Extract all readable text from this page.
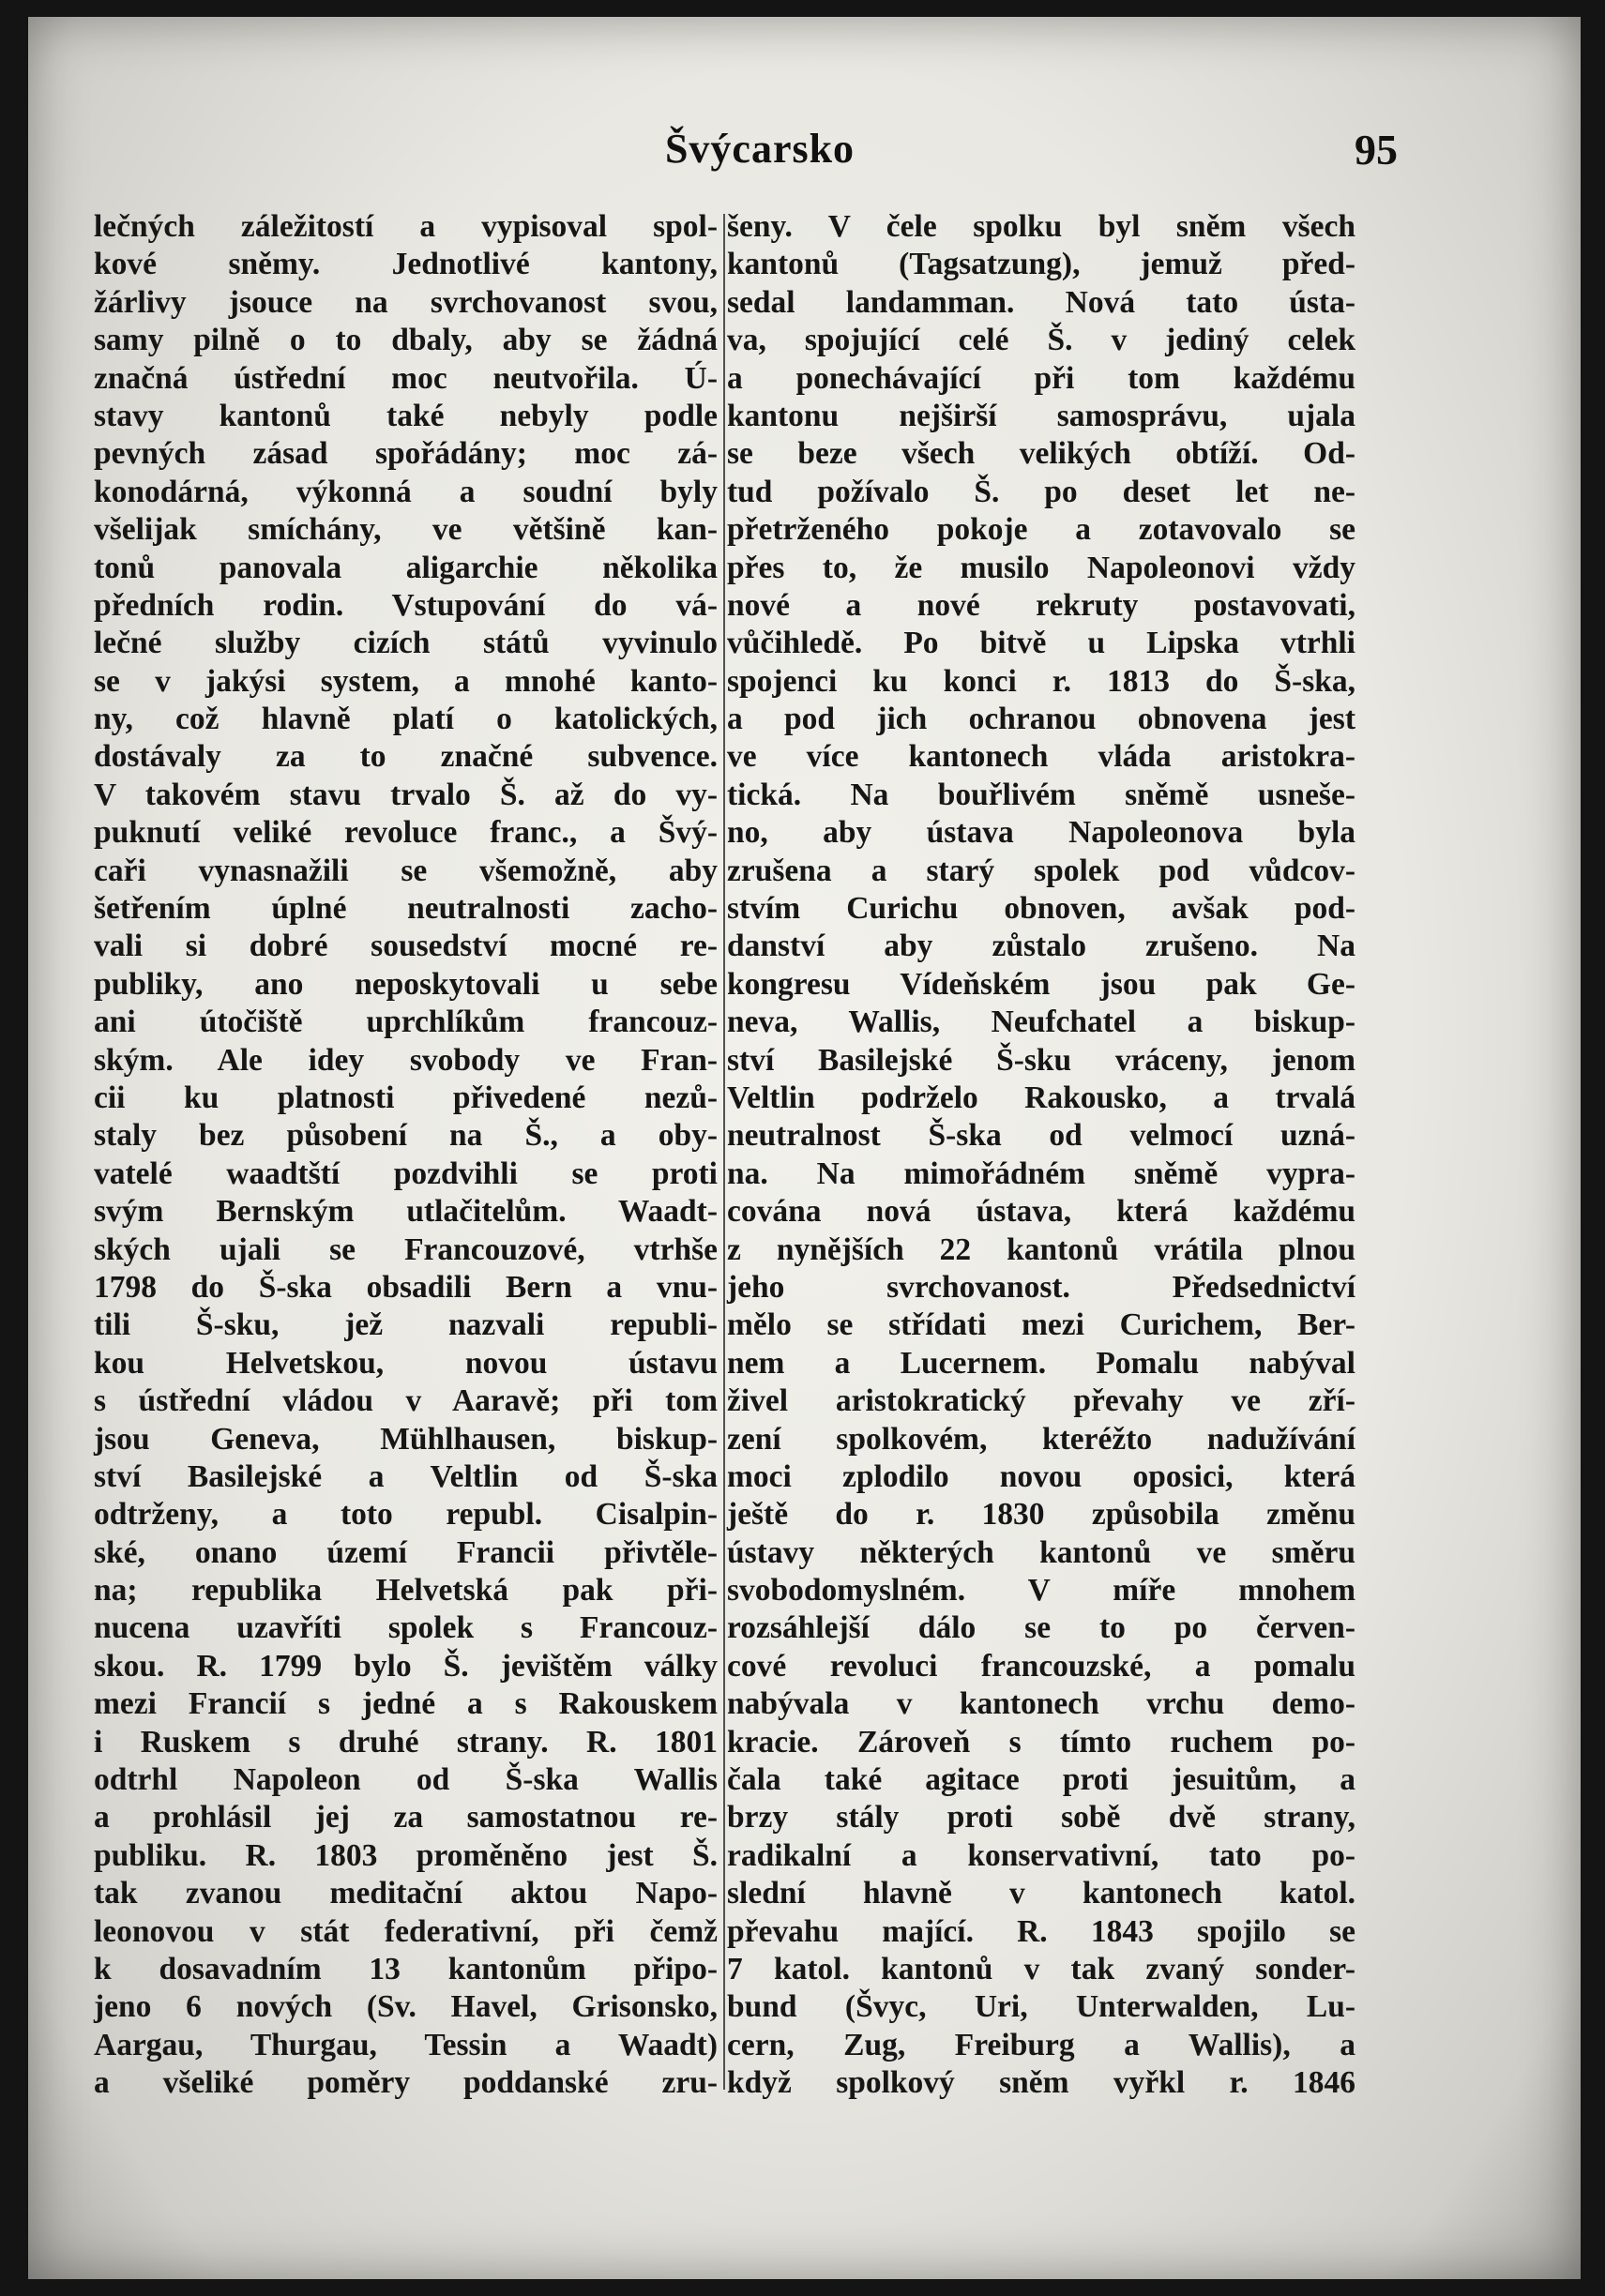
Švýcarsko	95
lečných záležitostí a vypisoval spol-
kové sněmy. Jednotlivé kantony,
žárlivy jsouce na svrchovanost svou,
samy pilně o to dbaly, aby se žádná
značná ústřední moc neutvořila. Ú-
stavy kantonů také nebyly podle
pevných zásad spořádány; moc zá-
konodárná, výkonná a soudní byly
všelijak smíchány, ve většině kan-
tonů panovala aligarchie několika
předních rodin. Vstupování do vá-
lečné služby cizích států vyvinulo
se v jakýsi system, a mnohé kanto-
ny, což hlavně platí o katolických,
dostávaly za to značné subvence.
V takovém stavu trvalo Š. až do vy-
puknutí veliké revoluce franc., a Švý-
caři vynasnažili se všemožně, aby
šetřením úplné neutralnosti zacho-
vali si dobré sousedství mocné re-
publiky, ano neposkytovali u sebe
ani útočiště uprchlíkům francouz-
ským. Ale idey svobody ve Fran-
cii ku platnosti přivedené nezů-
staly bez působení na Š., a oby-
vatelé waadtští pozdvihli se proti
svým Bernským utlačitelům. Waadt-
ských ujali se Francouzové, vtrhše
1798 do Š-ska obsadili Bern a vnu-
tili Š-sku, jež nazvali republi-
kou Helvetskou, novou ústavu
s ústřední vládou v Aaravě; při tom
jsou Geneva, Mühlhausen, biskup-
ství Basilejské a Veltlin od Š-ska
odtrženy, a toto republ. Cisalpin-
ské, onano území Francii přivtěle-
na; republika Helvetská pak při-
nucena uzavříti spolek s Francouz-
skou. R. 1799 bylo Š. jevištěm války
mezi Francií s jedné a s Rakouskem
i Ruskem s druhé strany. R. 1801
odtrhl Napoleon od Š-ska Wallis
a prohlásil jej za samostatnou re-
publiku. R. 1803 proměněno jest Š.
tak zvanou meditační aktou Napo-
leonovou v stát federativní, při čemž
k dosavadním 13 kantonům připo-
jeno 6 nových (Sv. Havel, Grisonsko,
Aargau, Thurgau, Tessin a Waadt)
a všeliké poměry poddanské zru-
šeny. V čele spolku byl sněm všech
kantonů (Tagsatzung), jemuž před-
sedal landamman. Nová tato ústa-
va, spojující celé Š. v jediný celek
a ponechávající při tom každému
kantonu nejširší samosprávu, ujala
se beze všech velikých obtíží. Od-
tud požívalo Š. po deset let ne-
přetrženého pokoje a zotavovalo se
přes to, že musilo Napoleonovi vždy
nové a nové rekruty postavovati,
vůčihledě. Po bitvě u Lipska vtrhli
spojenci ku konci r. 1813 do Š-ska,
a pod jich ochranou obnovena jest
ve více kantonech vláda aristokra-
tická. Na bouřlivém sněmě usneše-
no, aby ústava Napoleonova byla
zrušena a starý spolek pod vůdcov-
stvím Curichu obnoven, avšak pod-
danství aby zůstalo zrušeno. Na
kongresu Vídeňském jsou pak Ge-
neva, Wallis, Neufchatel a biskup-
ství Basilejské Š-sku vráceny, jenom
Veltlin podrželo Rakousko, a trvalá
neutralnost Š-ska od velmocí uzná-
na. Na mimořádném sněmě vypra-
cována nová ústava, která každému
z nynějších 22 kantonů vrátila plnou
jeho svrchovanost. Předsednictví
mělo se střídati mezi Curichem, Ber-
nem a Lucernem. Pomalu nabýval
živel aristokratický převahy ve zří-
zení spolkovém, kteréžto nadužívání
moci zplodilo novou oposici, která
ještě do r. 1830 způsobila změnu
ústavy některých kantonů ve směru
svobodomyslném. V míře mnohem
rozsáhlejší dálo se to po červen-
cové revoluci francouzské, a pomalu
nabývala v kantonech vrchu demo-
kracie. Zároveň s tímto ruchem po-
čala také agitace proti jesuitům, a
brzy stály proti sobě dvě strany,
radikalní a konservativní, tato po-
slední hlavně v kantonech katol.
převahu mající. R. 1843 spojilo se
7 katol. kantonů v tak zvaný sonder-
bund (Švyc, Uri, Unterwalden, Lu-
cern, Zug, Freiburg a Wallis), a
když spolkový sněm vyřkl r. 1846
